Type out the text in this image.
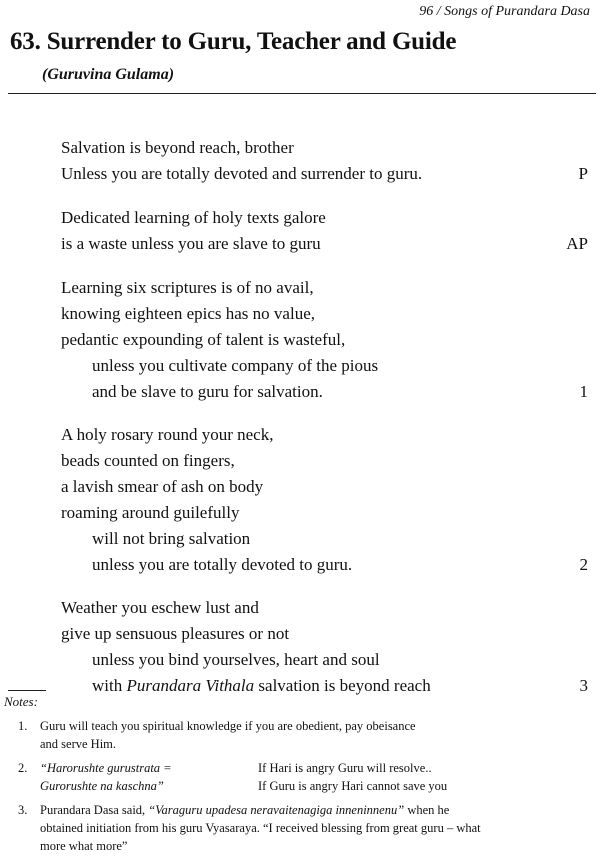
96 / Songs of Purandara Dasa
63. Surrender to Guru, Teacher and Guide
(Guruvina Gulama)
Salvation is beyond reach, brother
Unless you are totally devoted and surrender to guru.	P
Dedicated learning of holy texts galore
is a waste unless you are slave to guru	AP
Learning six scriptures is of no avail,
knowing eighteen epics has no value,
pedantic expounding of talent is wasteful,
unless you cultivate company of the pious
and be slave to guru for salvation.	1
A holy rosary round your neck,
beads counted on fingers,
a lavish smear of ash on body
roaming around guilefully
will not bring salvation
unless you are totally devoted to guru.	2
Weather you eschew lust and
give up sensuous pleasures or not
unless you bind yourselves, heart and soul
with Purandara Vithala salvation is beyond reach	3
Notes:
1. Guru will teach you spiritual knowledge if you are obedient, pay obeisance
and serve Him.
2. “Harorushte gurustrata =	If Hari is angry Guru will resolve..
Gurorushte na kaschna”	If Guru is angry Hari cannot save you
3. Purandara Dasa said, “Varaguru upadesa neravaitenagiga inneninnenu” when he
obtained initiation from his guru Vyasaraya. “I received blessing from great guru – what
more what more”
